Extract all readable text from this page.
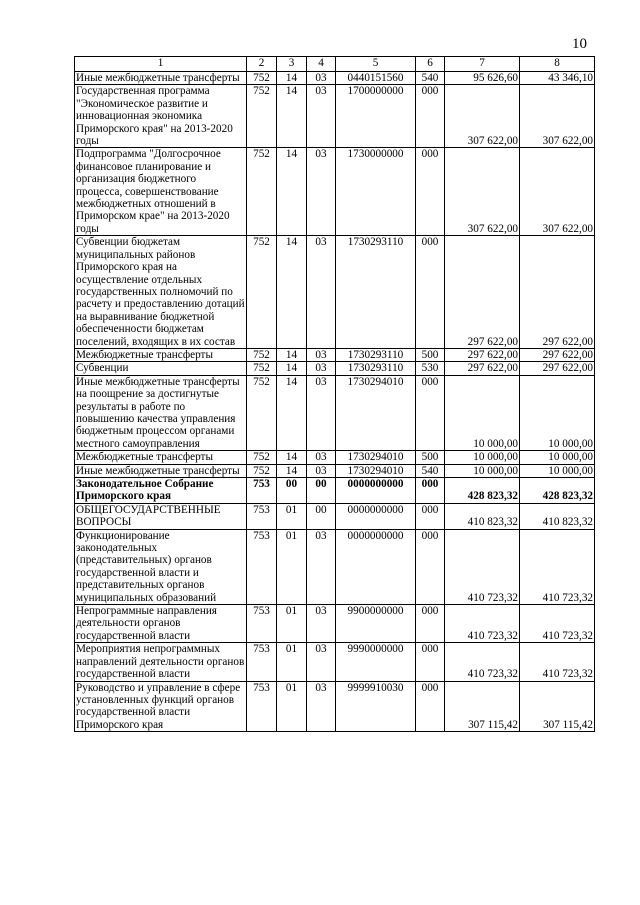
10
1	2	3	4	5	6	7	8
Иные межбюджетные трансферты	752	14	03	0440151560	540	95 626,60	43 346,10
Государственная программа "Экономическое развитие и инновационная экономика Приморского края" на 2013-2020 годы	752	14	03	1700000000	000	307 622,00	307 622,00
Подпрограмма "Долгосрочное финансовое планирование и организация бюджетного процесса, совершенствование межбюджетных отношений в Приморском крае" на 2013-2020 годы	752	14	03	1730000000	000	307 622,00	307 622,00
Субвенции бюджетам муниципальных районов Приморского края на осуществление отдельных государственных полномочий по расчету и предоставлению дотаций на выравнивание бюджетной обеспеченности бюджетам поселений, входящих в их состав	752	14	03	1730293110	000	297 622,00	297 622,00
Межбюджетные трансферты	752	14	03	1730293110	500	297 622,00	297 622,00
Субвенции	752	14	03	1730293110	530	297 622,00	297 622,00
Иные межбюджетные трансферты на поощрение за достигнутые результаты в работе по повышению качества управления бюджетным процессом органами местного самоуправления	752	14	03	1730294010	000	10 000,00	10 000,00
Межбюджетные трансферты	752	14	03	1730294010	500	10 000,00	10 000,00
Иные межбюджетные трансферты	752	14	03	1730294010	540	10 000,00	10 000,00
Законодательное Собрание Приморского края	753	00	00	0000000000	000	428 823,32	428 823,32
ОБЩЕГОСУДАРСТВЕННЫЕ ВОПРОСЫ	753	01	00	0000000000	000	410 823,32	410 823,32
Функционирование законодательных (представительных) органов государственной власти и представительных органов муниципальных образований	753	01	03	0000000000	000	410 723,32	410 723,32
Непрограммные направления деятельности органов государственной власти	753	01	03	9900000000	000	410 723,32	410 723,32
Мероприятия непрограммных направлений деятельности органов государственной власти	753	01	03	9990000000	000	410 723,32	410 723,32
Руководство и управление в сфере установленных функций органов государственной власти Приморского края	753	01	03	9999910030	000	307 115,42	307 115,42
